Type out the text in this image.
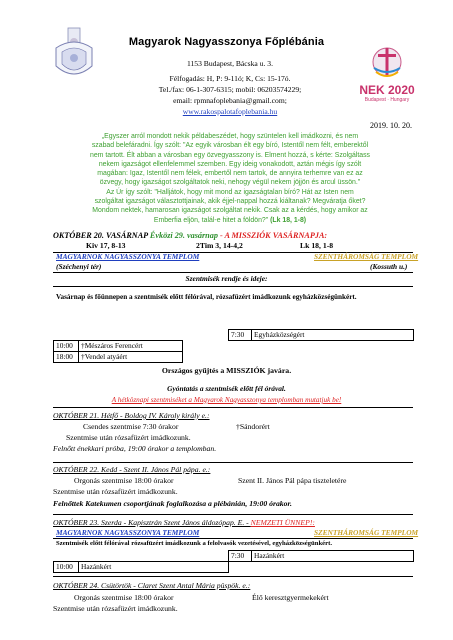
NEK 2020
Budapest · Hungary
Magyarok Nagyasszonya Főplébánia
1153 Budapest, Bácska u. 3.
Félfogadás: H, P: 9-11ó; K, Cs: 15-17ó.
Tel./fax: 06-1-307-6315; mobil: 06203574229;
email: rpmnafoplebania@gmail.com;
www.rakospalotafoplebania.hu
2019. 10. 20.
„Egyszer arról mondott nekik példabeszédet, hogy szüntelen kell imádkozni, és nem
szabad belefáradni. Így szólt: "Az egyik városban élt egy bíró, Istentől nem félt, emberektől
nem tartott. Élt abban a városban egy özvegyasszony is. Elment hozzá, s kérte: Szolgáltass
nekem igazságot ellenfelemmel szemben. Egy ideig vonakodott, aztán mégis így szólt
magában: Igaz, Istentől nem félek, embertől nem tartok, de annyira terhemre van ez az
özvegy, hogy igazságot szolgáltatok neki, nehogy végül nekem jöjjön és arcul üssön."
Az Úr így szólt: "Halljátok, hogy mit mond az igazságtalan bíró? Hát az Isten nem
szolgáltat igazságot választottjainak, akik éjjel-nappal hozzá kiáltanak? Megváratja őket?
Mondom nektek, hamarosan igazságot szolgáltat nekik. Csak az a kérdés, hogy amikor az
Emberfia eljön, talál-e hitet a földön?" (Lk 18, 1-8)
OKTÓBER 20. VASÁRNAP Évközi 29. vasárnap - A MISSZIÓK VASÁRNAPJA:
Kiv 17, 8-13	2Tim 3, 14-4,2	Lk 18, 1-8
MAGYARNOK NAGYASSZONYA TEMPLOM	SZENTHÁROMSÁG TEMPLOM
(Széchenyi tér)	(Kossuth u.)
Szentmisék rendje és ideje:
Vasárnap és főünnepen a szentmisék előtt félórával, rózsafüzért imádkozunk egyházközségünkért.
7:30	Egyházközségért
10:00	†Mészáros Ferencért
18:00	†Vendel atyáért
Országos gyűjtés a MISSZIÓK javára.
Gyóntatás a szentmisék előtt fél órával.
A hétköznapi szentmiséket a Magyarok Nagyasszonya templomban mutatjuk be!
OKTÓBER 21. Hétfő - Boldog IV. Károly király e.:
Csendes szentmise 7:30 órakor	†Sándorért
Szentmise után rózsafüzért imádkozunk.
Felnőtt énekkari próba, 19:00 órakor a templomban.
OKTÓBER 22. Kedd - Szent II. János Pál pápa. e.:
Orgonás szentmise 18:00 órakor	Szent II. János Pál pápa tiszteletére
Szentmise után rózsafüzért imádkozunk.
Felnőttek Katekumen csoportjának foglalkozása a plébánián, 19:00 órakor.
OKTÓBER 23. Szerda - Kapisztrán Szent János áldozópap. E. - NEMZETI ÜNNEP!:
MAGYARNOK NAGYASSZONYA TEMPLOM	SZENTHÁROMSÁG TEMPLOM
Szentmisék előtt félórával rózsafüzért imádkozunk a felolvasók vezetésével, egyházközségünkért.
7:30	Hazánkért
10:00	Hazánkért
OKTÓBER 24. Csütörtök - Claret Szent Antal Mária püspök. e.:
Orgonás szentmise 18:00 órakor	Élő keresztgyermekekért
Szentmise után rózsafüzért imádkozunk.
